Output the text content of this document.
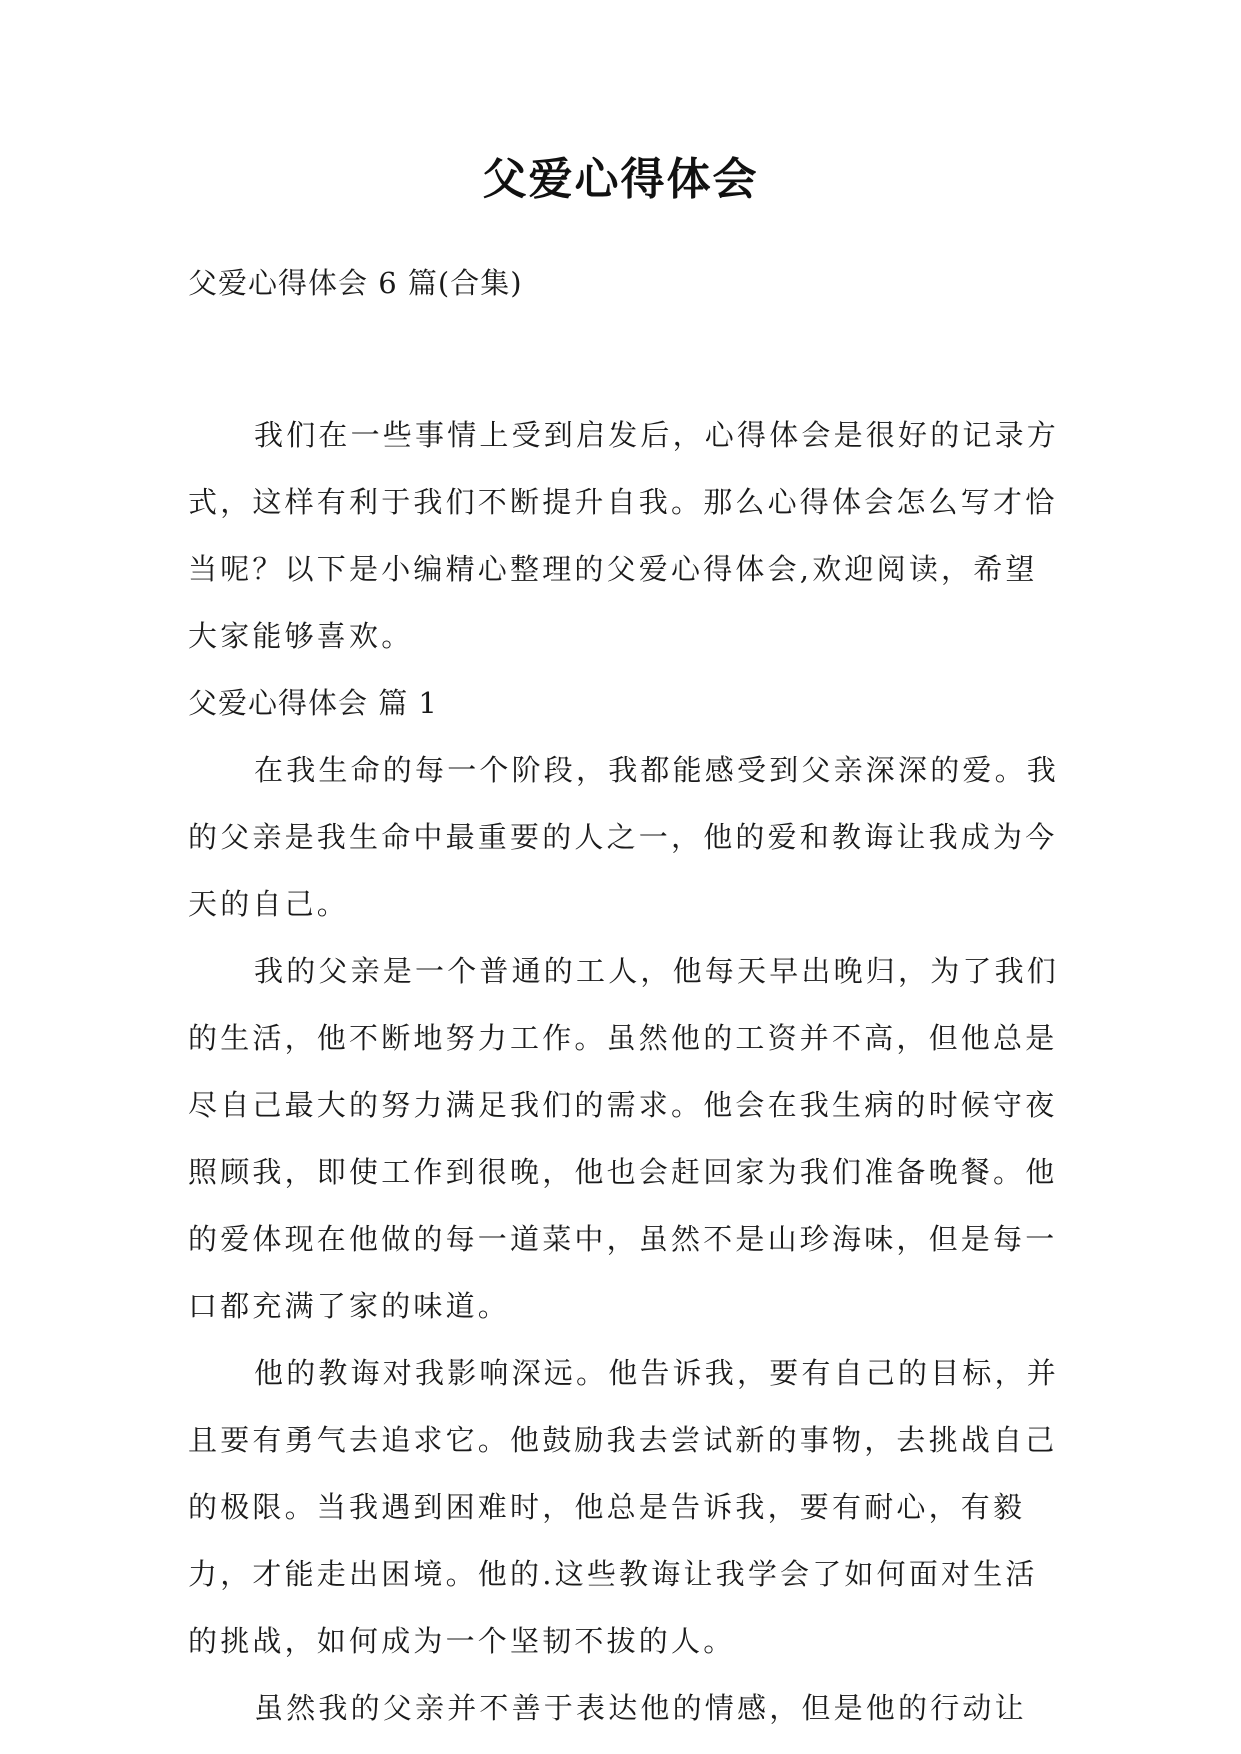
父爱心得体会
父爱心得体会 6 篇(合集)

我们在一些事情上受到启发后，心得体会是很好的记录方式，这样有利于我们不断提升自我。那么心得体会怎么写才恰当呢？以下是小编精心整理的父爱心得体会,欢迎阅读，希望大家能够喜欢。

父爱心得体会 篇 1

在我生命的每一个阶段，我都能感受到父亲深深的爱。我的父亲是我生命中最重要的人之一，他的爱和教诲让我成为今天的自己。

我的父亲是一个普通的工人，他每天早出晚归，为了我们的生活，他不断地努力工作。虽然他的工资并不高，但他总是尽自己最大的努力满足我们的需求。他会在我生病的时候守夜照顾我，即使工作到很晚，他也会赶回家为我们准备晚餐。他的爱体现在他做的每一道菜中，虽然不是山珍海味，但是每一口都充满了家的味道。

他的教诲对我影响深远。他告诉我，要有自己的目标，并且要有勇气去追求它。他鼓励我去尝试新的事物，去挑战自己的极限。当我遇到困难时，他总是告诉我，要有耐心，有毅力，才能走出困境。他的.这些教诲让我学会了如何面对生活的挑战，如何成为一个坚韧不拔的人。

虽然我的父亲并不善于表达他的情感，但是他的行动让
